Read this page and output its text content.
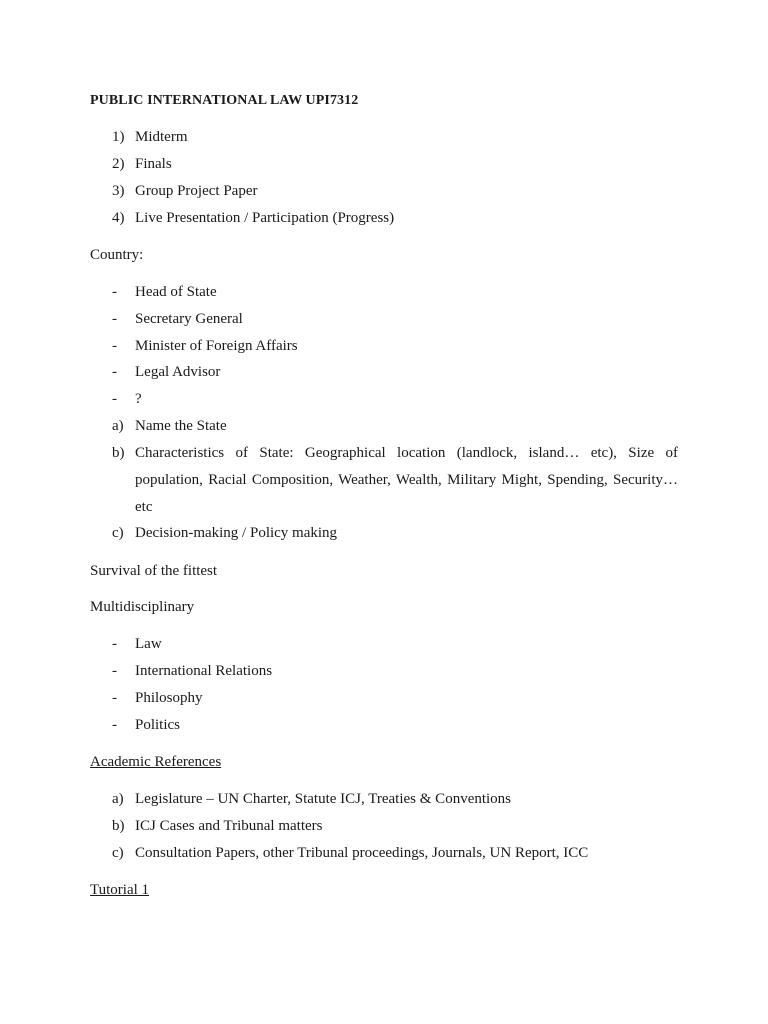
PUBLIC INTERNATIONAL LAW UPI7312
1) Midterm
2) Finals
3) Group Project Paper
4) Live Presentation / Participation (Progress)
Country:
-	Head of State
-	Secretary General
-	Minister of Foreign Affairs
-	Legal Advisor
-	?
a) Name the State
b) Characteristics of State: Geographical location (landlock, island… etc), Size of population, Racial Composition, Weather, Wealth, Military Might, Spending, Security… etc
c) Decision-making / Policy making
Survival of the fittest
Multidisciplinary
-	Law
-	International Relations
-	Philosophy
-	Politics
Academic References
a) Legislature – UN Charter, Statute ICJ, Treaties & Conventions
b) ICJ Cases and Tribunal matters
c) Consultation Papers, other Tribunal proceedings, Journals, UN Report, ICC
Tutorial 1
